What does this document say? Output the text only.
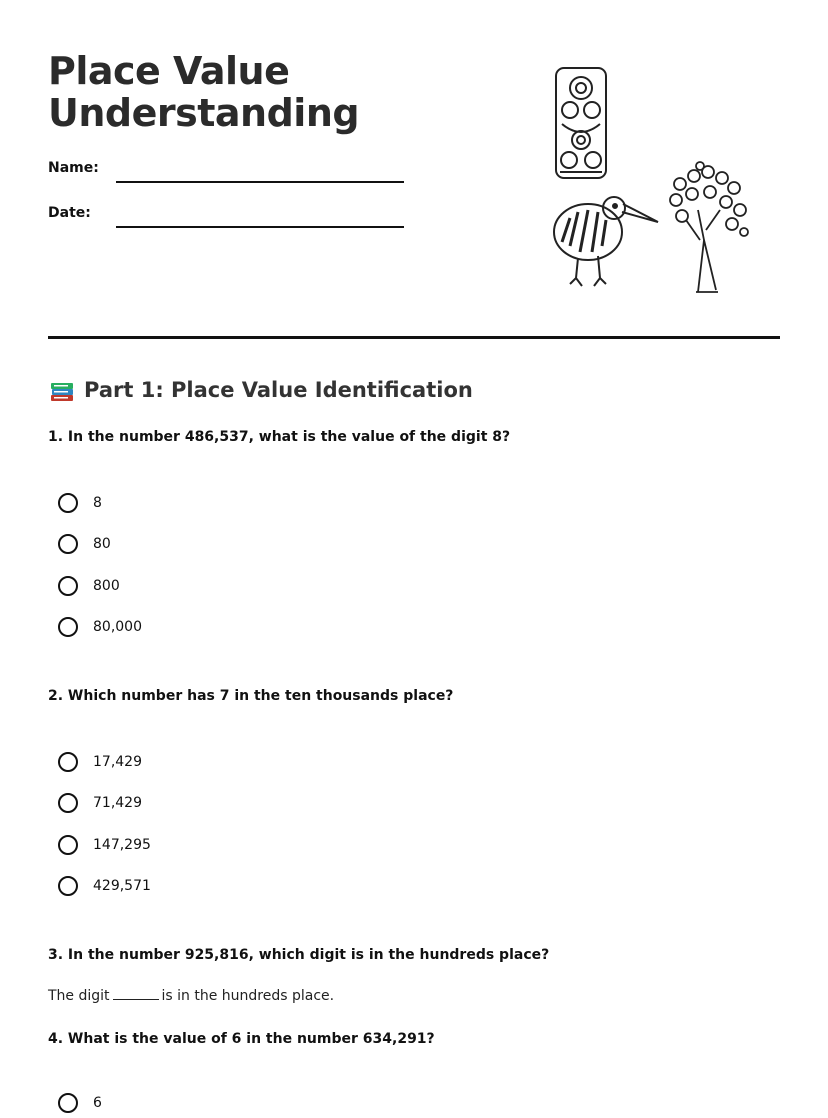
Place Value
Understanding
Name:
Date:
Part 1: Place Value Identification

1. In the number 486,537, what is the value of the digit 8?

8
80
800
80,000

2. Which number has 7 in the ten thousands place?

17,429
71,429
147,295
429,571

3. In the number 925,816, which digit is in the hundreds place?

The digit	is in the hundreds place.

4. What is the value of 6 in the number 634,291?

6
